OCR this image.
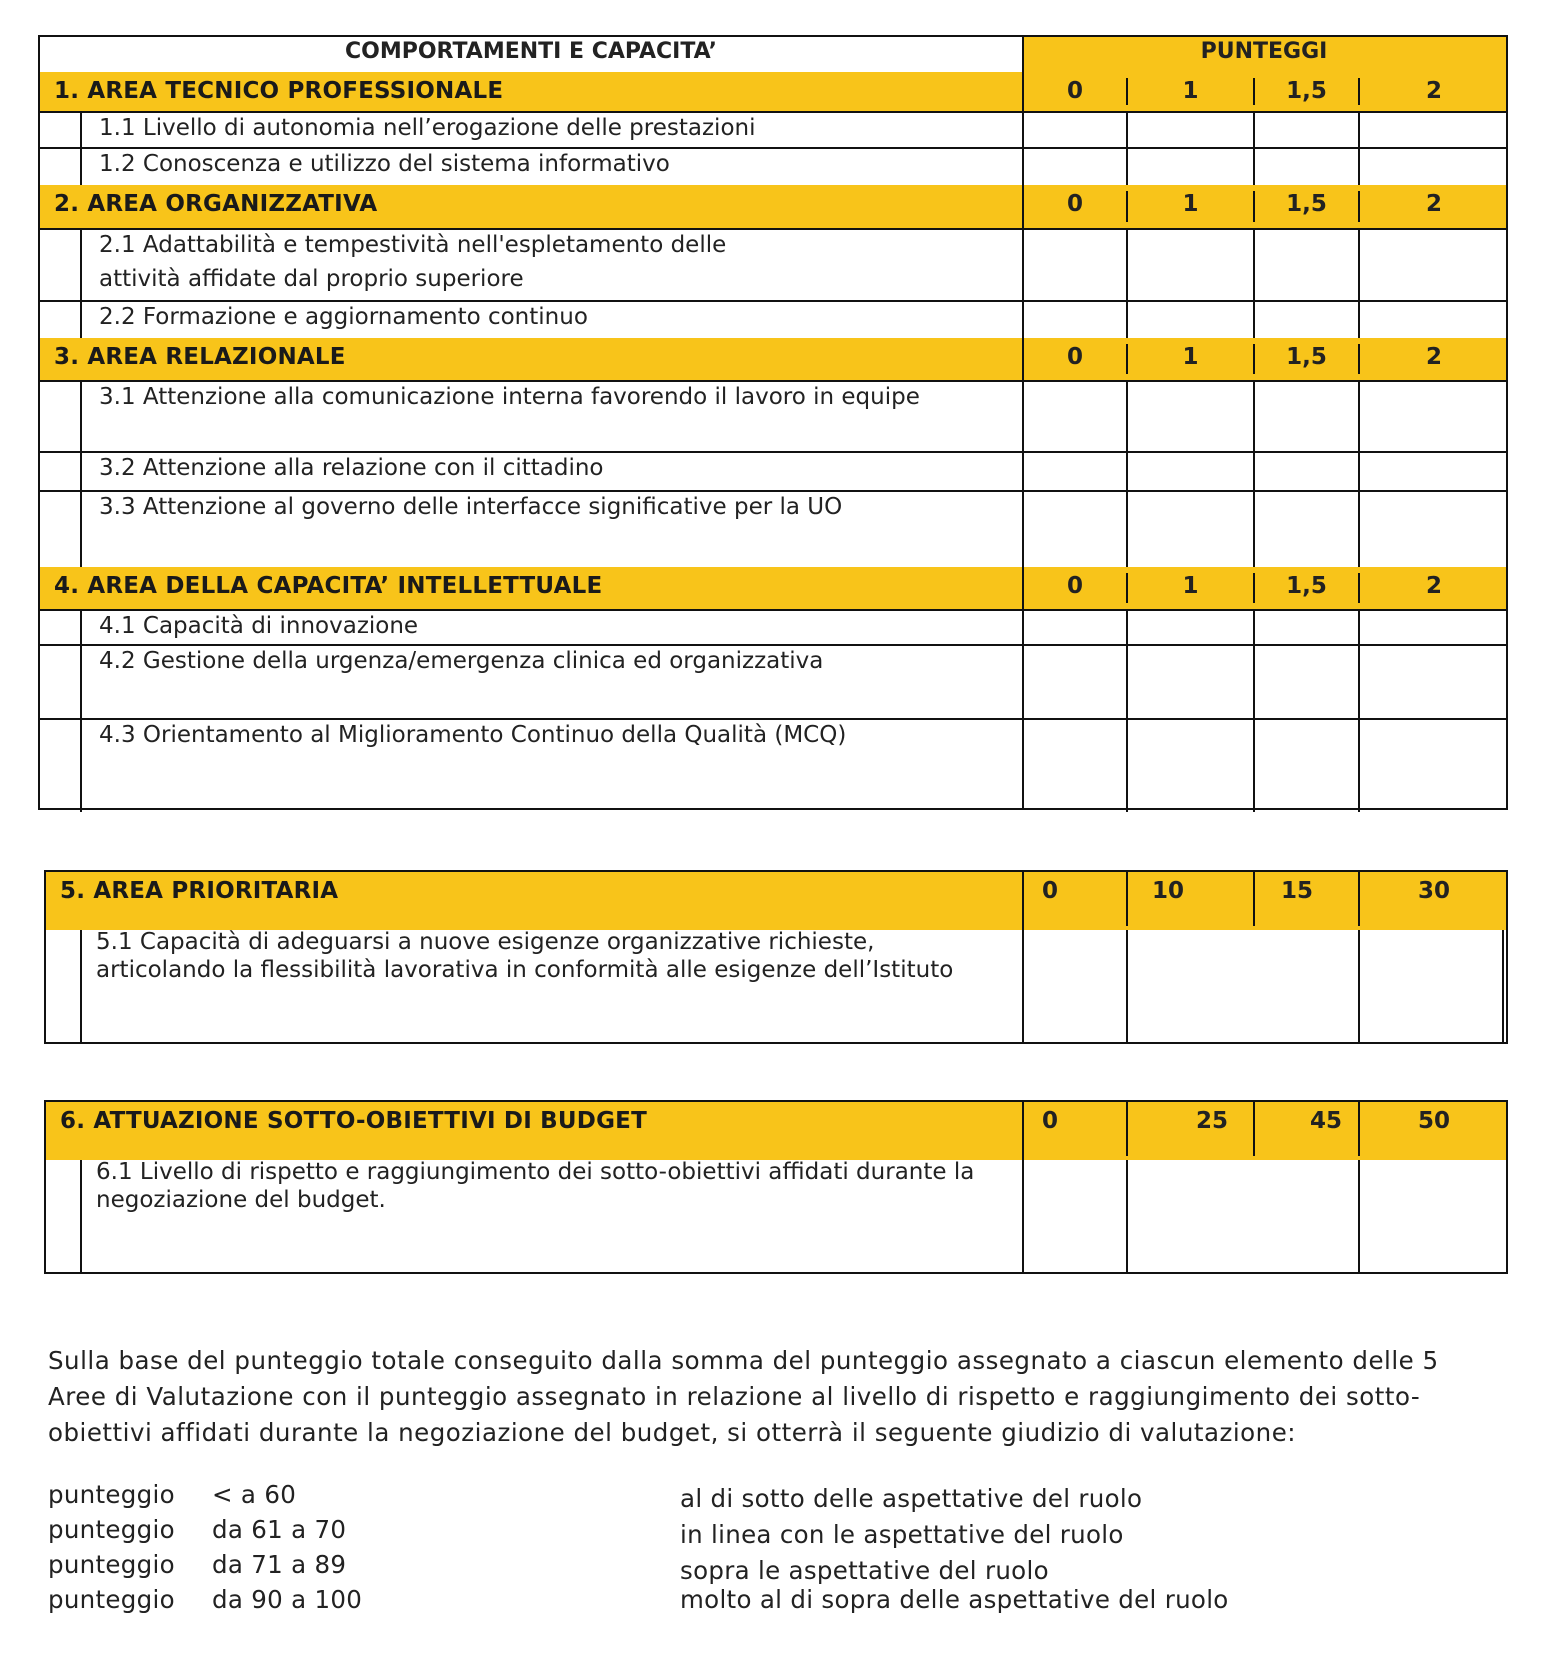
COMPORTAMENTI E CAPACITA’	PUNTEGGI
1. AREA TECNICO PROFESSIONALE	0	1	1,5	2
1.1 Livello di autonomia nell’erogazione delle prestazioni
1.2 Conoscenza e utilizzo del sistema informativo
2. AREA ORGANIZZATIVA	0	1	1,5	2
2.1 Adattabilità e tempestività nell'espletamento delle
attività affidate dal proprio superiore
2.2 Formazione e aggiornamento continuo
3. AREA RELAZIONALE	0	1	1,5	2
3.1 Attenzione alla comunicazione interna favorendo il lavoro in equipe
3.2 Attenzione alla relazione con il cittadino
3.3 Attenzione al governo delle interfacce significative per la UO
4. AREA DELLA CAPACITA’ INTELLETTUALE	0	1	1,5	2
4.1 Capacità di innovazione
4.2 Gestione della urgenza/emergenza clinica ed organizzativa
4.3 Orientamento al Miglioramento Continuo della Qualità (MCQ)
5. AREA PRIORITARIA	0	10	15	30
5.1 Capacità di adeguarsi a nuove esigenze organizzative richieste,
articolando la flessibilità lavorativa in conformità alle esigenze dell’Istituto
6. ATTUAZIONE SOTTO-OBIETTIVI DI BUDGET	0	25	45	50
6.1 Livello di rispetto e raggiungimento dei sotto-obiettivi affidati durante la
negoziazione del budget.
Sulla base del punteggio totale conseguito dalla somma del punteggio assegnato a ciascun elemento delle 5 Aree di Valutazione con il punteggio assegnato in relazione al livello di rispetto e raggiungimento dei sotto-obiettivi affidati durante la negoziazione del budget, si otterrà il seguente giudizio di valutazione:
punteggio < a 60	al di sotto delle aspettative del ruolo
punteggio da 61 a 70	in linea con le aspettative del ruolo
punteggio da 71 a 89	sopra le aspettative del ruolo
punteggio da 90 a 100	molto al di sopra delle aspettative del ruolo
